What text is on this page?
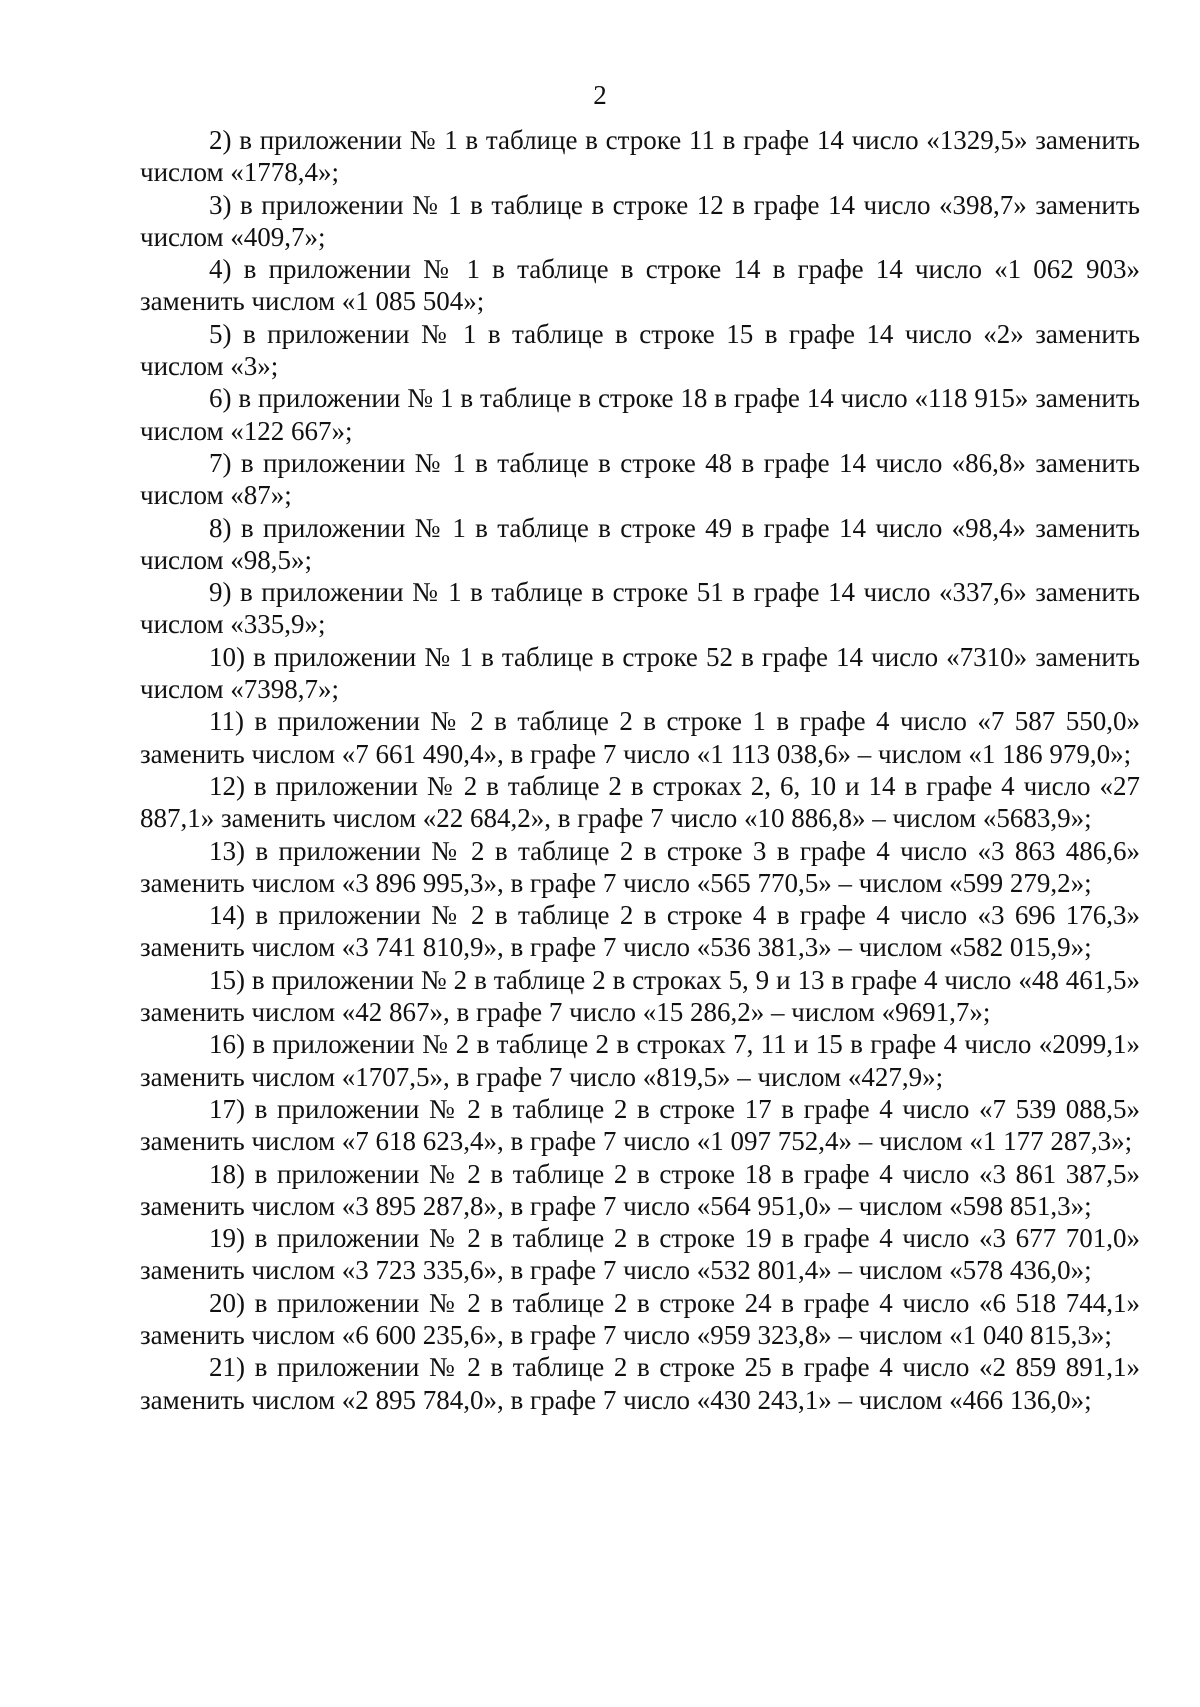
2

2) в приложении № 1 в таблице в строке 11 в графе 14 число «1329,5» заменить числом «1778,4»;

3) в приложении № 1 в таблице в строке 12 в графе 14 число «398,7» заменить числом «409,7»;

4) в приложении № 1 в таблице в строке 14 в графе 14 число «1 062 903» заменить числом «1 085 504»;

5) в приложении № 1 в таблице в строке 15 в графе 14 число «2» заменить числом «3»;

6) в приложении № 1 в таблице в строке 18 в графе 14 число «118 915» заменить числом «122 667»;

7) в приложении № 1 в таблице в строке 48 в графе 14 число «86,8» заменить числом «87»;

8) в приложении № 1 в таблице в строке 49 в графе 14 число «98,4» заменить числом «98,5»;

9) в приложении № 1 в таблице в строке 51 в графе 14 число «337,6» заменить числом «335,9»;

10) в приложении № 1 в таблице в строке 52 в графе 14 число «7310» заменить числом «7398,7»;

11) в приложении № 2 в таблице 2 в строке 1 в графе 4 число «7 587 550,0» заменить числом «7 661 490,4», в графе 7 число «1 113 038,6» – числом «1 186 979,0»;

12) в приложении № 2 в таблице 2 в строках 2, 6, 10 и 14 в графе 4 число «27 887,1» заменить числом «22 684,2», в графе 7 число «10 886,8» – числом «5683,9»;

13) в приложении № 2 в таблице 2 в строке 3 в графе 4 число «3 863 486,6» заменить числом «3 896 995,3», в графе 7 число «565 770,5» – числом «599 279,2»;

14) в приложении № 2 в таблице 2 в строке 4 в графе 4 число «3 696 176,3» заменить числом «3 741 810,9», в графе 7 число «536 381,3» – числом «582 015,9»;

15) в приложении № 2 в таблице 2 в строках 5, 9 и 13 в графе 4 число «48 461,5» заменить числом «42 867», в графе 7 число «15 286,2» – числом «9691,7»;

16) в приложении № 2 в таблице 2 в строках 7, 11 и 15 в графе 4 число «2099,1» заменить числом «1707,5», в графе 7 число «819,5» – числом «427,9»;

17) в приложении № 2 в таблице 2 в строке 17 в графе 4 число «7 539 088,5» заменить числом «7 618 623,4», в графе 7 число «1 097 752,4» – числом «1 177 287,3»;

18) в приложении № 2 в таблице 2 в строке 18 в графе 4 число «3 861 387,5» заменить числом «3 895 287,8», в графе 7 число «564 951,0» – числом «598 851,3»;

19) в приложении № 2 в таблице 2 в строке 19 в графе 4 число «3 677 701,0» заменить числом «3 723 335,6», в графе 7 число «532 801,4» – числом «578 436,0»;

20) в приложении № 2 в таблице 2 в строке 24 в графе 4 число «6 518 744,1» заменить числом «6 600 235,6», в графе 7 число «959 323,8» – числом «1 040 815,3»;

21) в приложении № 2 в таблице 2 в строке 25 в графе 4 число «2 859 891,1» заменить числом «2 895 784,0», в графе 7 число «430 243,1» – числом «466 136,0»;
